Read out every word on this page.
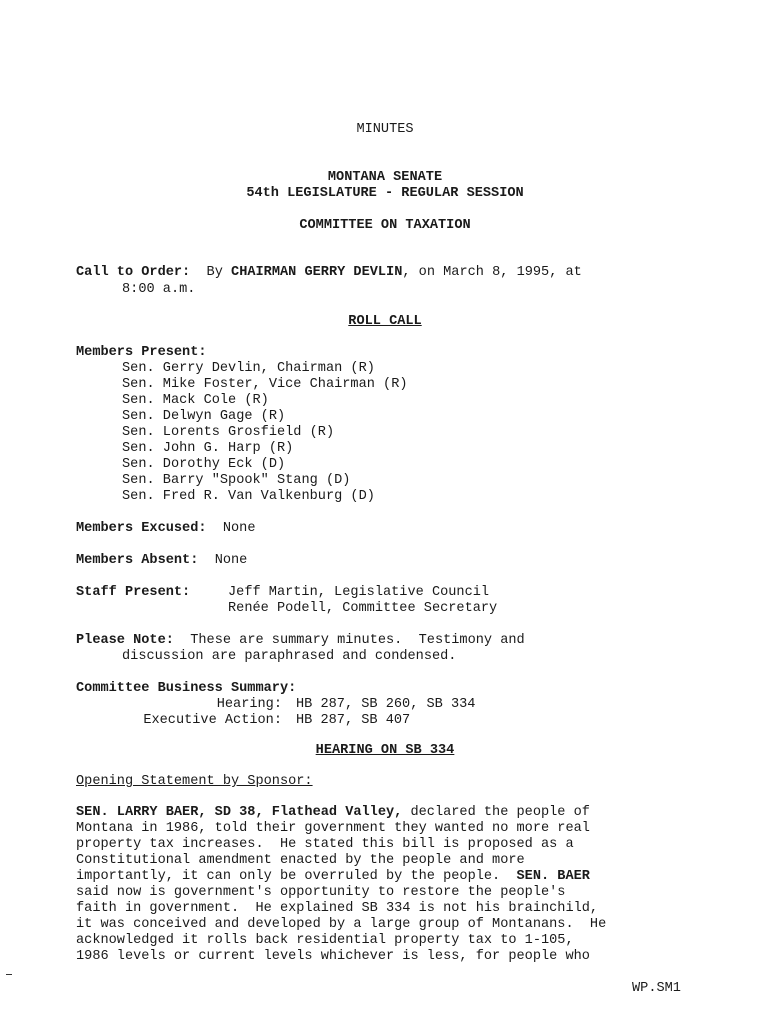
MINUTES
MONTANA SENATE
54th LEGISLATURE - REGULAR SESSION
COMMITTEE ON TAXATION
Call to Order: By CHAIRMAN GERRY DEVLIN, on March 8, 1995, at
8:00 a.m.
ROLL CALL
Members Present:
Sen. Gerry Devlin, Chairman (R)
Sen. Mike Foster, Vice Chairman (R)
Sen. Mack Cole (R)
Sen. Delwyn Gage (R)
Sen. Lorents Grosfield (R)
Sen. John G. Harp (R)
Sen. Dorothy Eck (D)
Sen. Barry "Spook" Stang (D)
Sen. Fred R. Van Valkenburg (D)
Members Excused: None
Members Absent: None
Staff Present:	Jeff Martin, Legislative Council
Renée Podell, Committee Secretary
Please Note: These are summary minutes.  Testimony and
discussion are paraphrased and condensed.
Committee Business Summary:
Hearing: HB 287, SB 260, SB 334
Executive Action: HB 287, SB 407
HEARING ON SB 334
Opening Statement by Sponsor:
SEN. LARRY BAER, SD 38, Flathead Valley, declared the people of
Montana in 1986, told their government they wanted no more real
property tax increases.  He stated this bill is proposed as a
Constitutional amendment enacted by the people and more
importantly, it can only be overruled by the people.  SEN. BAER
said now is government's opportunity to restore the people's
faith in government.  He explained SB 334 is not his brainchild,
it was conceived and developed by a large group of Montanans.  He
acknowledged it rolls back residential property tax to 1-105,
1986 levels or current levels whichever is less, for people who
WP.SM1
